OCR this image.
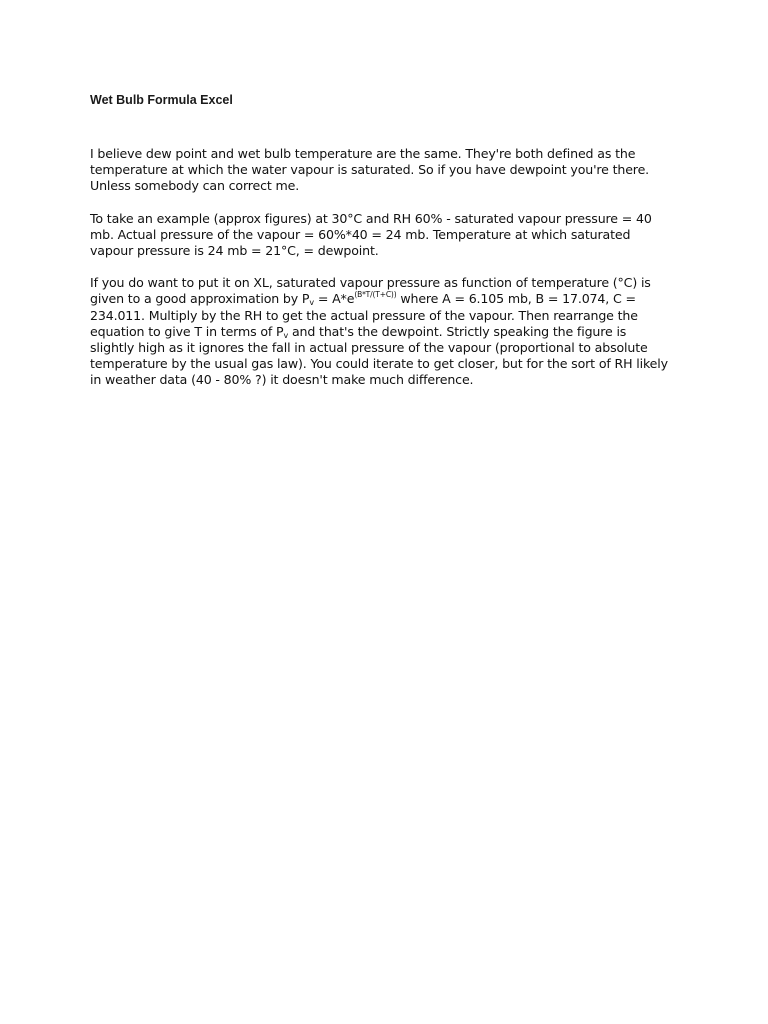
Wet Bulb Formula Excel

I believe dew point and wet bulb temperature are the same. They're both defined as the temperature at which the water vapour is saturated. So if you have dewpoint you're there. Unless somebody can correct me.

To take an example (approx figures) at 30°C and RH 60% - saturated vapour pressure = 40 mb. Actual pressure of the vapour = 60%*40 = 24 mb. Temperature at which saturated vapour pressure is 24 mb = 21°C, = dewpoint.

If you do want to put it on XL, saturated vapour pressure as function of temperature (°C) is given to a good approximation by $P_v = A*e^{(B*T/(T+C))}$ where A = 6.105 mb, B = 17.074, C = 234.011. Multiply by the RH to get the actual pressure of the vapour. Then rearrange the equation to give T in terms of $P_v$ and that's the dewpoint. Strictly speaking the figure is slightly high as it ignores the fall in actual pressure of the vapour (proportional to absolute temperature by the usual gas law). You could iterate to get closer, but for the sort of RH likely in weather data (40 - 80% ?) it doesn't make much difference.
